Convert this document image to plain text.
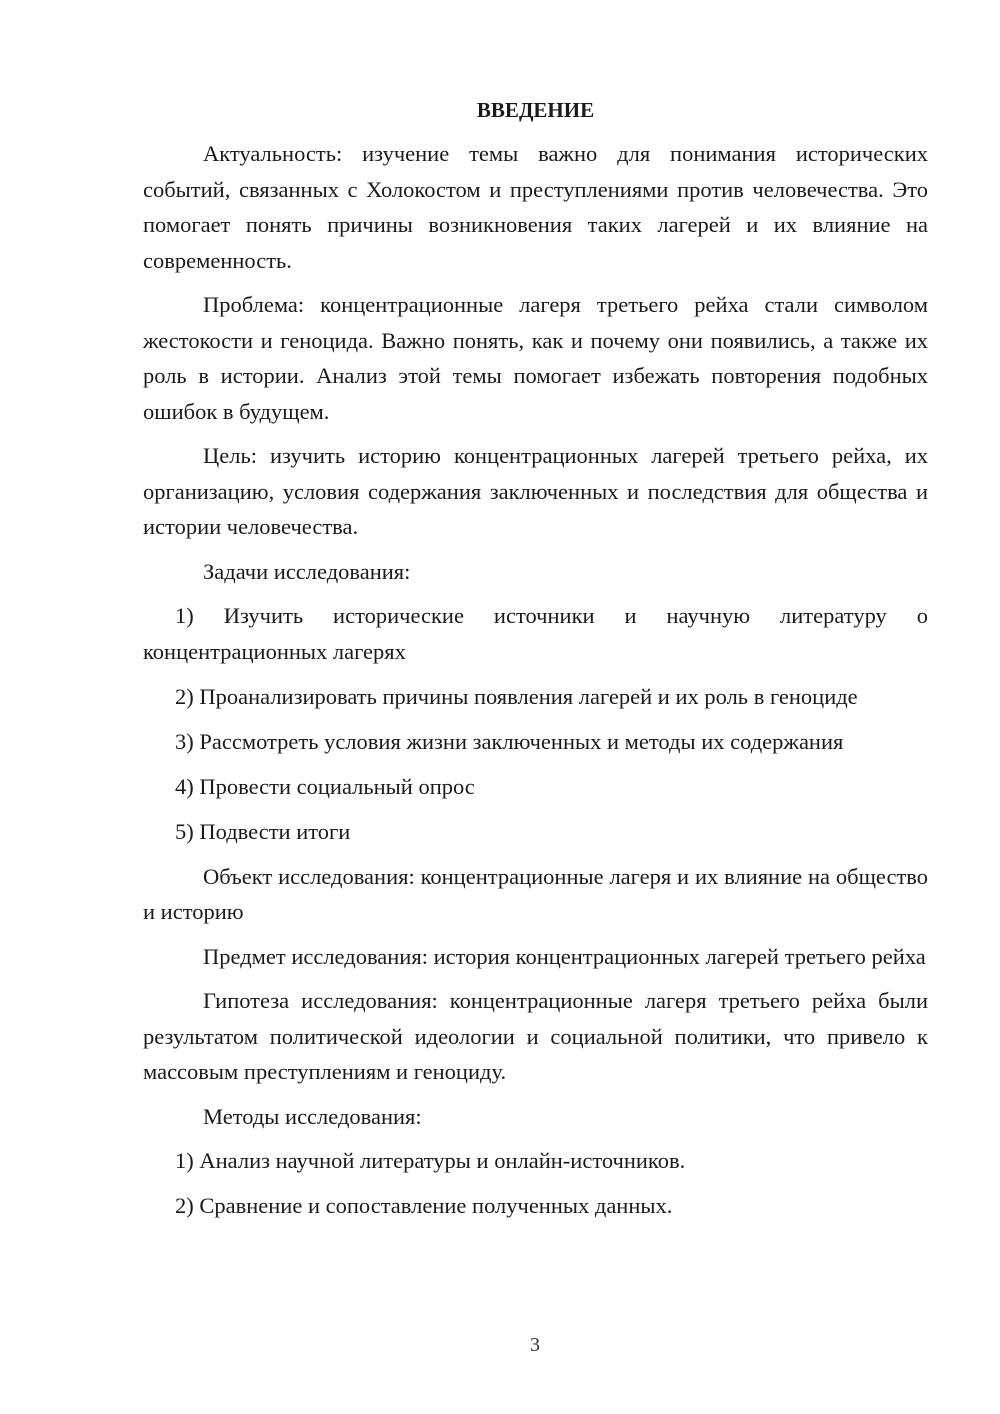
ВВЕДЕНИЕ

Актуальность: изучение темы важно для понимания исторических событий, связанных с Холокостом и преступлениями против человечества. Это помогает понять причины возникновения таких лагерей и их влияние на современность.

Проблема: концентрационные лагеря третьего рейха стали символом жестокости и геноцида. Важно понять, как и почему они появились, а также их роль в истории. Анализ этой темы помогает избежать повторения подобных ошибок в будущем.

Цель: изучить историю концентрационных лагерей третьего рейха, их организацию, условия содержания заключенных и последствия для общества и истории человечества.

Задачи исследования:

1) Изучить исторические источники и научную литературу о концентрационных лагерях

2) Проанализировать причины появления лагерей и их роль в геноциде

3) Рассмотреть условия жизни заключенных и методы их содержания

4) Провести социальный опрос

5) Подвести итоги

Объект исследования: концентрационные лагеря и их влияние на общество и историю

Предмет исследования: история концентрационных лагерей третьего рейха

Гипотеза исследования: концентрационные лагеря третьего рейха были результатом политической идеологии и социальной политики, что привело к массовым преступлениям и геноциду.

Методы исследования:

1) Анализ научной литературы и онлайн-источников.

2) Сравнение и сопоставление полученных данных.

3
